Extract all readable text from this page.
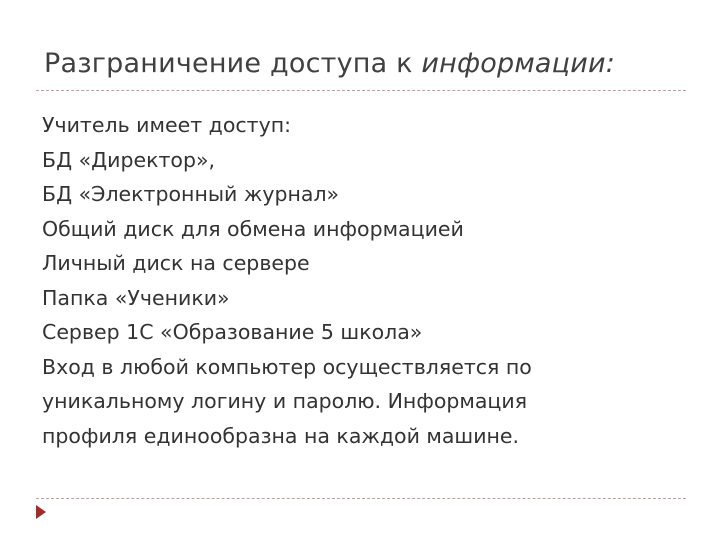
Разграничение доступа к информации:
Учитель имеет доступ:
БД «Директор»,
БД «Электронный журнал»
Общий диск для обмена информацией
Личный диск на сервере
Папка «Ученики»
Сервер 1С «Образование 5 школа»
Вход в любой компьютер осуществляется по
уникальному логину и паролю. Информация
профиля единообразна на каждой машине.
